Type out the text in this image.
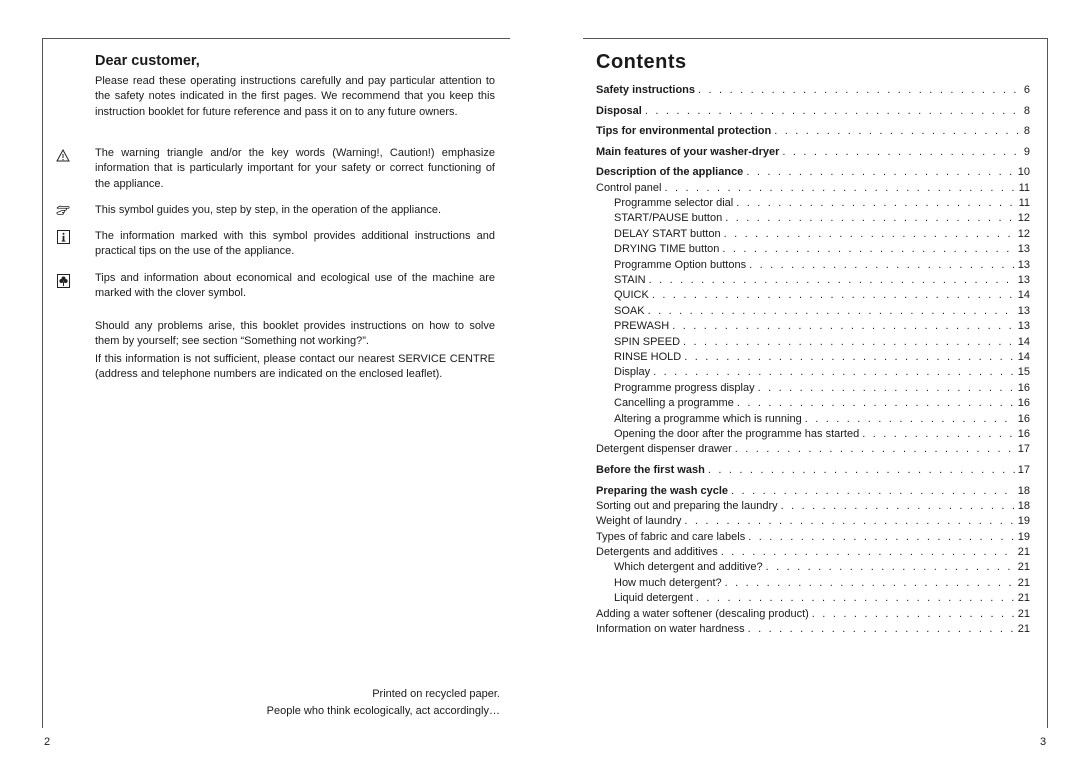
Dear customer,

Please read these operating instructions carefully and pay particular attention to the safety notes indicated in the first pages. We recommend that you keep this instruction booklet for future reference and pass it on to any future owners.

The warning triangle and/or the key words (Warning!, Caution!) emphasize information that is particularly important for your safety or correct functioning of the appliance.

This symbol guides you, step by step, in the operation of the appliance.

The information marked with this symbol provides additional instructions and practical tips on the use of the appliance.

Tips and information about economical and ecological use of the machine are marked with the clover symbol.

Should any problems arise, this booklet provides instructions on how to solve them by yourself; see section “Something not working?”.

If this information is not sufficient, please contact our nearest SERVICE CENTRE (address and telephone numbers are indicated on the enclosed leaflet).

Printed on recycled paper.
People who think ecologically, act accordingly…
2
Contents
Safety instructions . . .	6
Disposal . . .	8
Tips for environmental protection . . .	8
Main features of your washer-dryer . . .	9
Description of the appliance . . .	10
Control panel . . .	11
Programme selector dial . . .	11
START/PAUSE button . . .	12
DELAY START button . . .	12
DRYING TIME button . . .	13
Programme Option buttons . . .	13
STAIN . . .	13
QUICK . . .	14
SOAK . . .	13
PREWASH . . .	13
SPIN SPEED . . .	14
RINSE HOLD . . .	14
Display . . .	15
Programme progress display . . .	16
Cancelling a programme . . .	16
Altering a programme which is running . . .	16
Opening the door after the programme has started . . .	16
Detergent dispenser drawer . . .	17
Before the first wash . . .	17
Preparing the wash cycle . . .	18
Sorting out and preparing the laundry . . .	18
Weight of laundry . . .	19
Types of fabric and care labels . . .	19
Detergents and additives . . .	21
Which detergent and additive? . . .	21
How much detergent? . . .	21
Liquid detergent . . .	21
Adding a water softener (descaling product) . . .	21
Information on water hardness . . .	21
3
